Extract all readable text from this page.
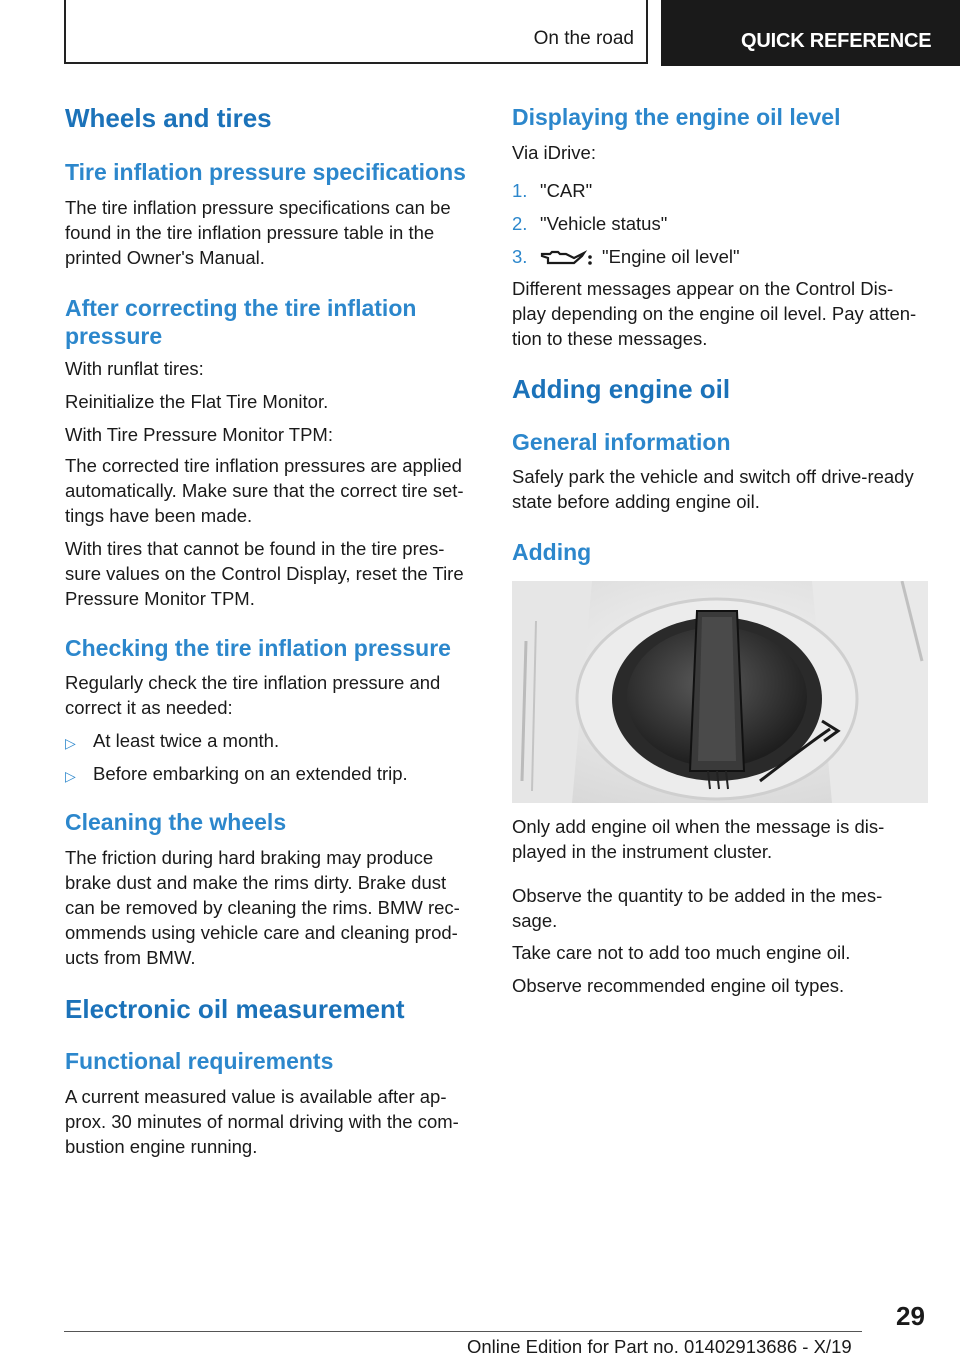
On the road	QUICK REFERENCE
Wheels and tires
Tire inflation pressure specifications
The tire inflation pressure specifications can be
found in the tire inflation pressure table in the
printed Owner's Manual.
After correcting the tire inflation
pressure
With runflat tires:
Reinitialize the Flat Tire Monitor.
With Tire Pressure Monitor TPM:
The corrected tire inflation pressures are applied
automatically. Make sure that the correct tire set-
tings have been made.
With tires that cannot be found in the tire pres-
sure values on the Control Display, reset the Tire
Pressure Monitor TPM.
Checking the tire inflation pressure
Regularly check the tire inflation pressure and
correct it as needed:
▷ At least twice a month.
▷ Before embarking on an extended trip.
Cleaning the wheels
The friction during hard braking may produce
brake dust and make the rims dirty. Brake dust
can be removed by cleaning the rims. BMW rec-
ommends using vehicle care and cleaning prod-
ucts from BMW.
Electronic oil measurement
Functional requirements
A current measured value is available after ap-
prox. 30 minutes of normal driving with the com-
bustion engine running.
Displaying the engine oil level
Via iDrive:
1. "CAR"
2. "Vehicle status"
3.	"Engine oil level"
Different messages appear on the Control Dis-
play depending on the engine oil level. Pay atten-
tion to these messages.
Adding engine oil
General information
Safely park the vehicle and switch off drive-ready
state before adding engine oil.
Adding
Only add engine oil when the message is dis-
played in the instrument cluster.
Observe the quantity to be added in the mes-
sage.
Take care not to add too much engine oil.
Observe recommended engine oil types.
29
Online Edition for Part no. 01402913686 - X/19
